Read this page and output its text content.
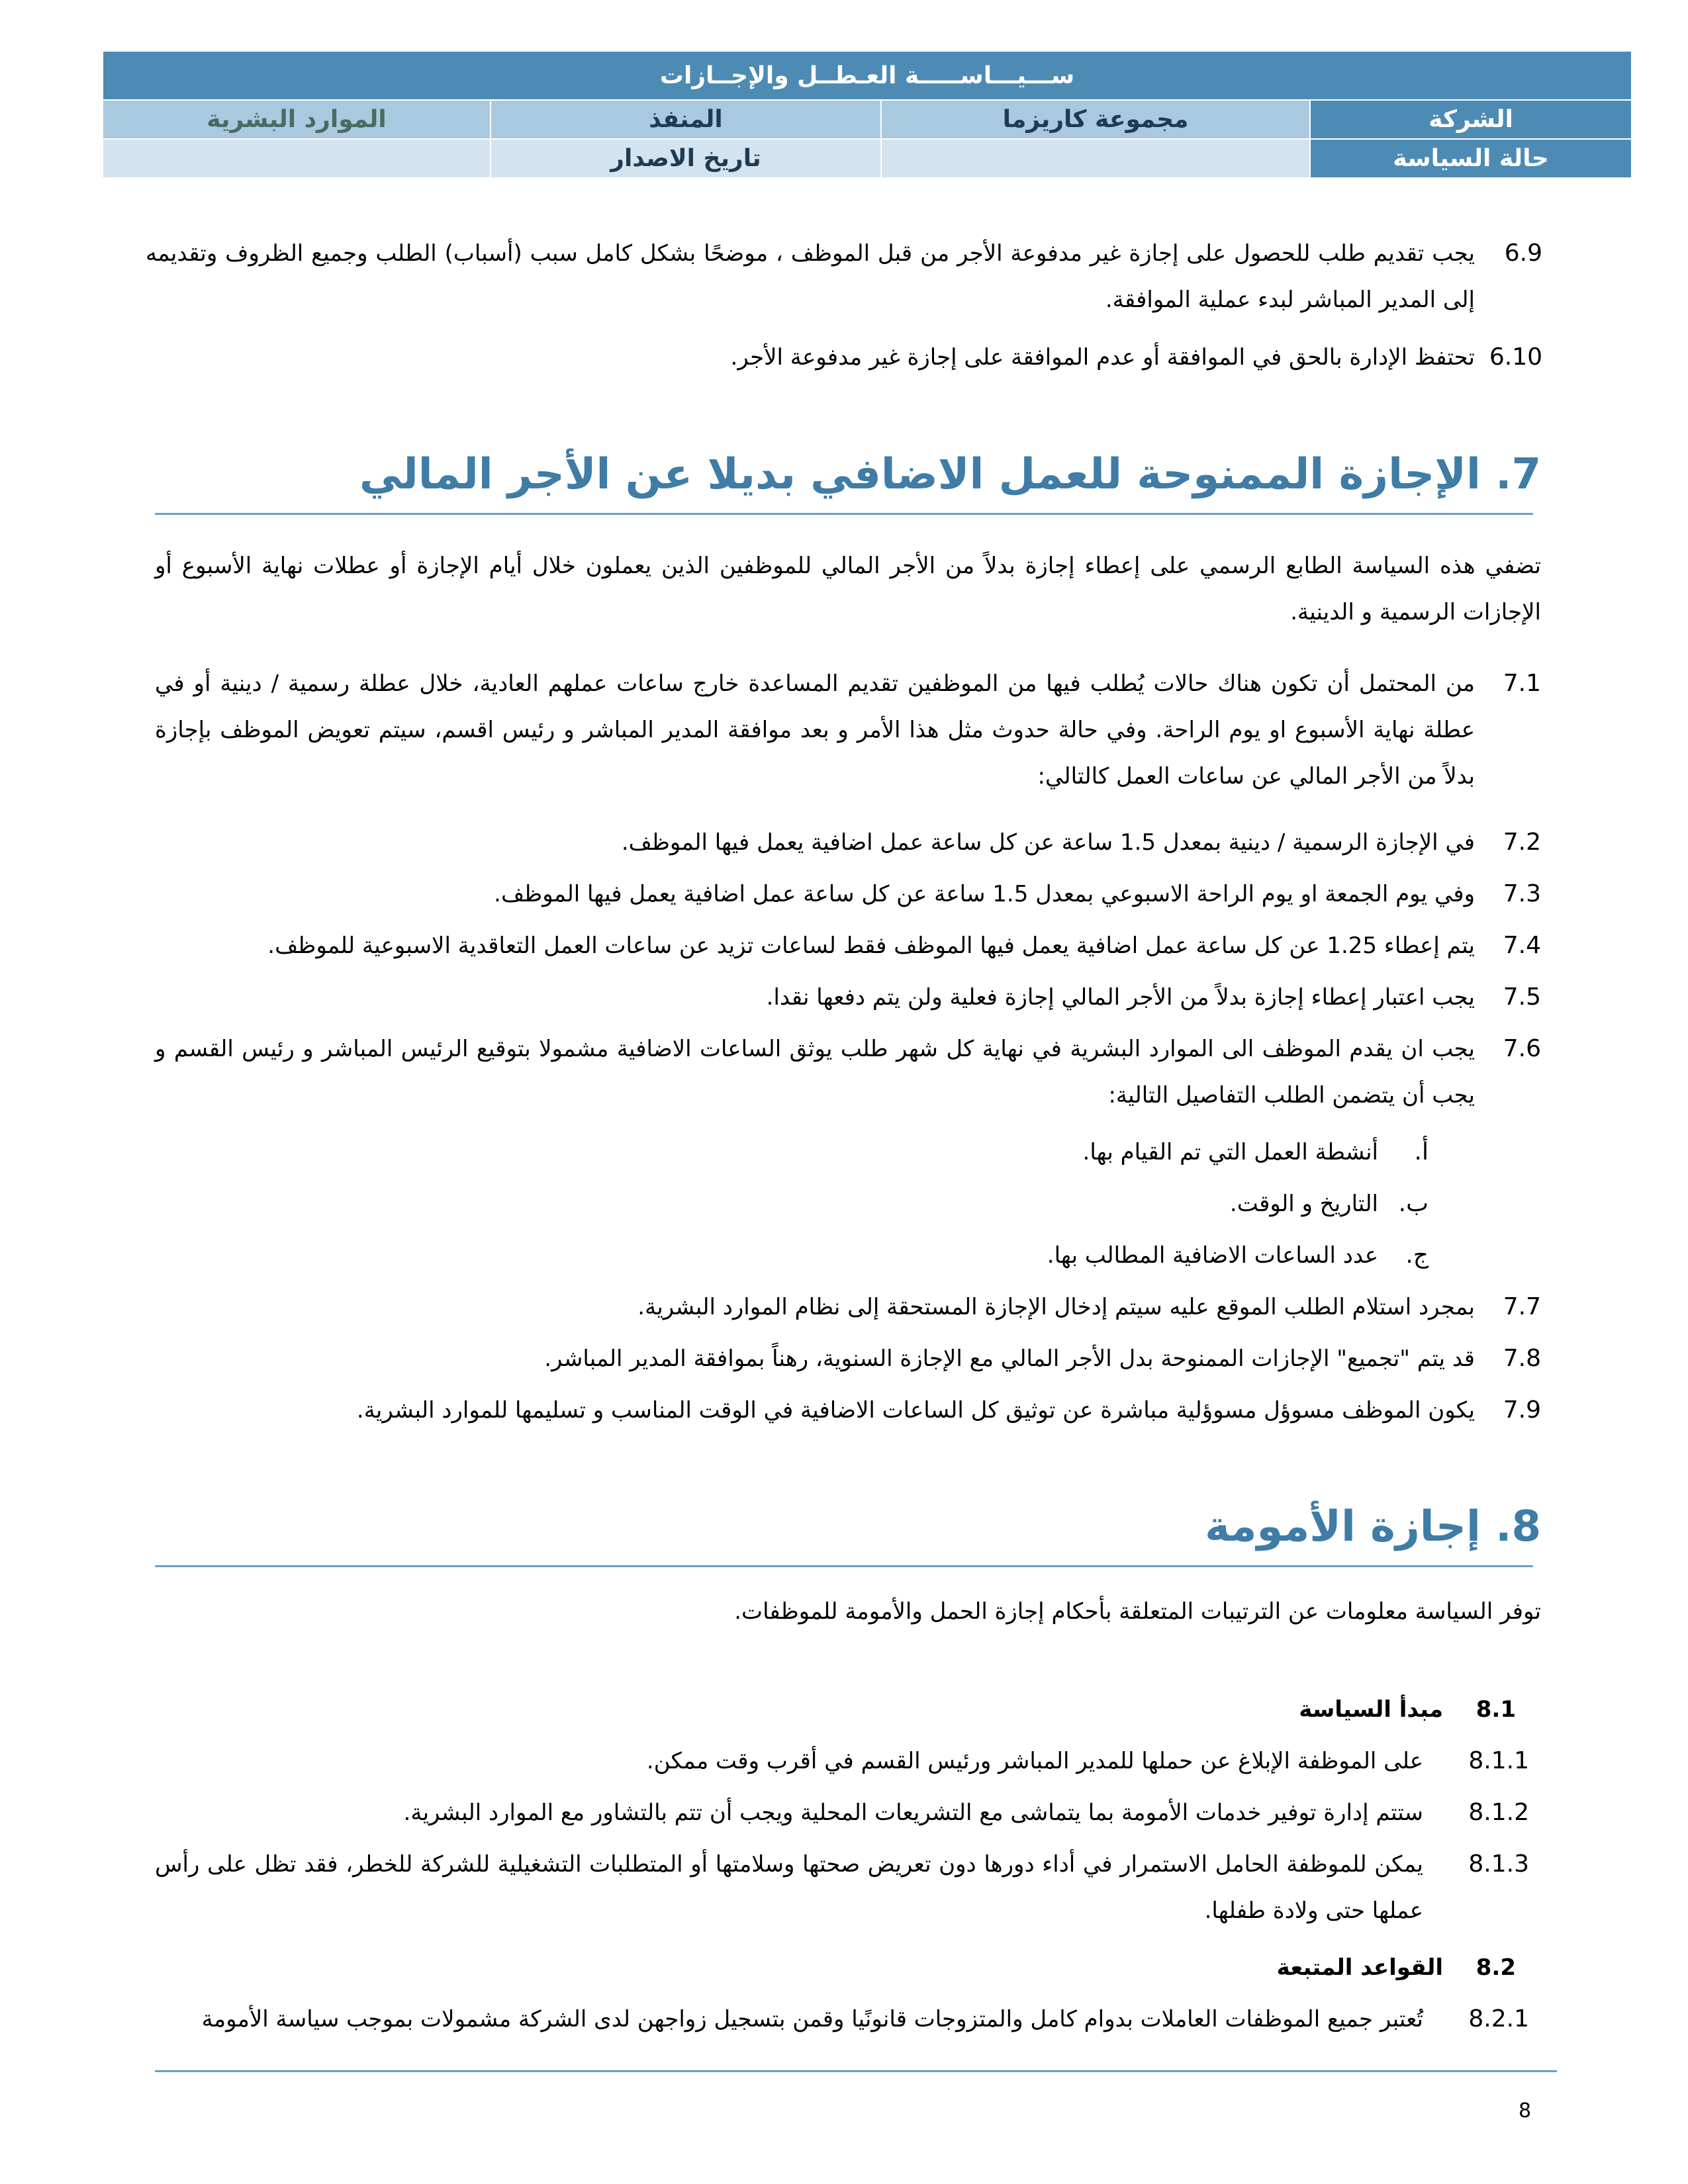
ســـيـــاســـــة العـطــل والإجــازات			
الموارد البشرية	المنفذ	مجموعة كاريزما	الشركة
	تاريخ الاصدار		حالة السياسة
6.9
يجب تقديم طلب للحصول على إجازة غير مدفوعة الأجر من قبل الموظف ، موضحًا بشكل كامل سبب (أسباب) الطلب وجميع الظروف وتقديمه إلى المدير المباشر لبدء عملية الموافقة.
6.10
تحتفظ الإدارة بالحق في الموافقة أو عدم الموافقة على إجازة غير مدفوعة الأجر.
7. الإجازة الممنوحة للعمل الاضافي بديلا عن الأجر المالي
تضفي هذه السياسة الطابع الرسمي على إعطاء إجازة بدلاً من الأجر المالي للموظفين الذين يعملون خلال أيام الإجازة أو عطلات نهاية الأسبوع أو الإجازات الرسمية و الدينية.
7.1
من المحتمل أن تكون هناك حالات يُطلب فيها من الموظفين تقديم المساعدة خارج ساعات عملهم العادية، خلال عطلة رسمية / دينية أو في عطلة نهاية الأسبوع او يوم الراحة. وفي حالة حدوث مثل هذا الأمر و بعد موافقة المدير المباشر و رئيس اقسم، سيتم تعويض الموظف بإجازة بدلاً من الأجر المالي عن ساعات العمل كالتالي:
7.2
في الإجازة الرسمية / دينية بمعدل 1.5 ساعة عن كل ساعة عمل اضافية يعمل فيها الموظف.
7.3
وفي يوم الجمعة او يوم الراحة الاسبوعي بمعدل 1.5 ساعة عن كل ساعة عمل اضافية يعمل فيها الموظف.
7.4
يتم إعطاء 1.25 عن كل ساعة عمل اضافية يعمل فيها الموظف فقط لساعات تزيد عن ساعات العمل التعاقدية الاسبوعية للموظف.
7.5
يجب اعتبار إعطاء إجازة بدلاً من الأجر المالي إجازة فعلية ولن يتم دفعها نقدا.
7.6
يجب ان يقدم الموظف الى الموارد البشرية في نهاية كل شهر طلب يوثق الساعات الاضافية مشمولا بتوقيع الرئيس المباشر و رئيس القسم و يجب أن يتضمن الطلب التفاصيل التالية:
أ.
أنشطة العمل التي تم القيام بها.
ب.
التاريخ و الوقت.
ج.
عدد الساعات الاضافية المطالب بها.
7.7
بمجرد استلام الطلب الموقع عليه سيتم إدخال الإجازة المستحقة إلى نظام الموارد البشرية.
7.8
قد يتم "تجميع" الإجازات الممنوحة بدل الأجر المالي مع الإجازة السنوية، رهناً بموافقة المدير المباشر.
7.9
يكون الموظف مسوؤل مسوؤلية مباشرة عن توثيق كل الساعات الاضافية في الوقت المناسب و تسليمها للموارد البشرية.
8. إجازة الأمومة
توفر السياسة معلومات عن الترتيبات المتعلقة بأحكام إجازة الحمل والأمومة للموظفات.
8.1
مبدأ السياسة
8.1.1
على الموظفة الإبلاغ عن حملها للمدير المباشر ورئيس القسم في أقرب وقت ممكن.
8.1.2
ستتم إدارة توفير خدمات الأمومة بما يتماشى مع التشريعات المحلية ويجب أن تتم بالتشاور مع الموارد البشرية.
8.1.3
يمكن للموظفة الحامل الاستمرار في أداء دورها دون تعريض صحتها وسلامتها أو المتطلبات التشغيلية للشركة للخطر، فقد تظل على رأس عملها حتى ولادة طفلها.
8.2
القواعد المتبعة
8.2.1
تُعتبر جميع الموظفات العاملات بدوام كامل والمتزوجات قانونًيا وقمن بتسجيل زواجهن لدى الشركة مشمولات بموجب سياسة الأمومة
8
